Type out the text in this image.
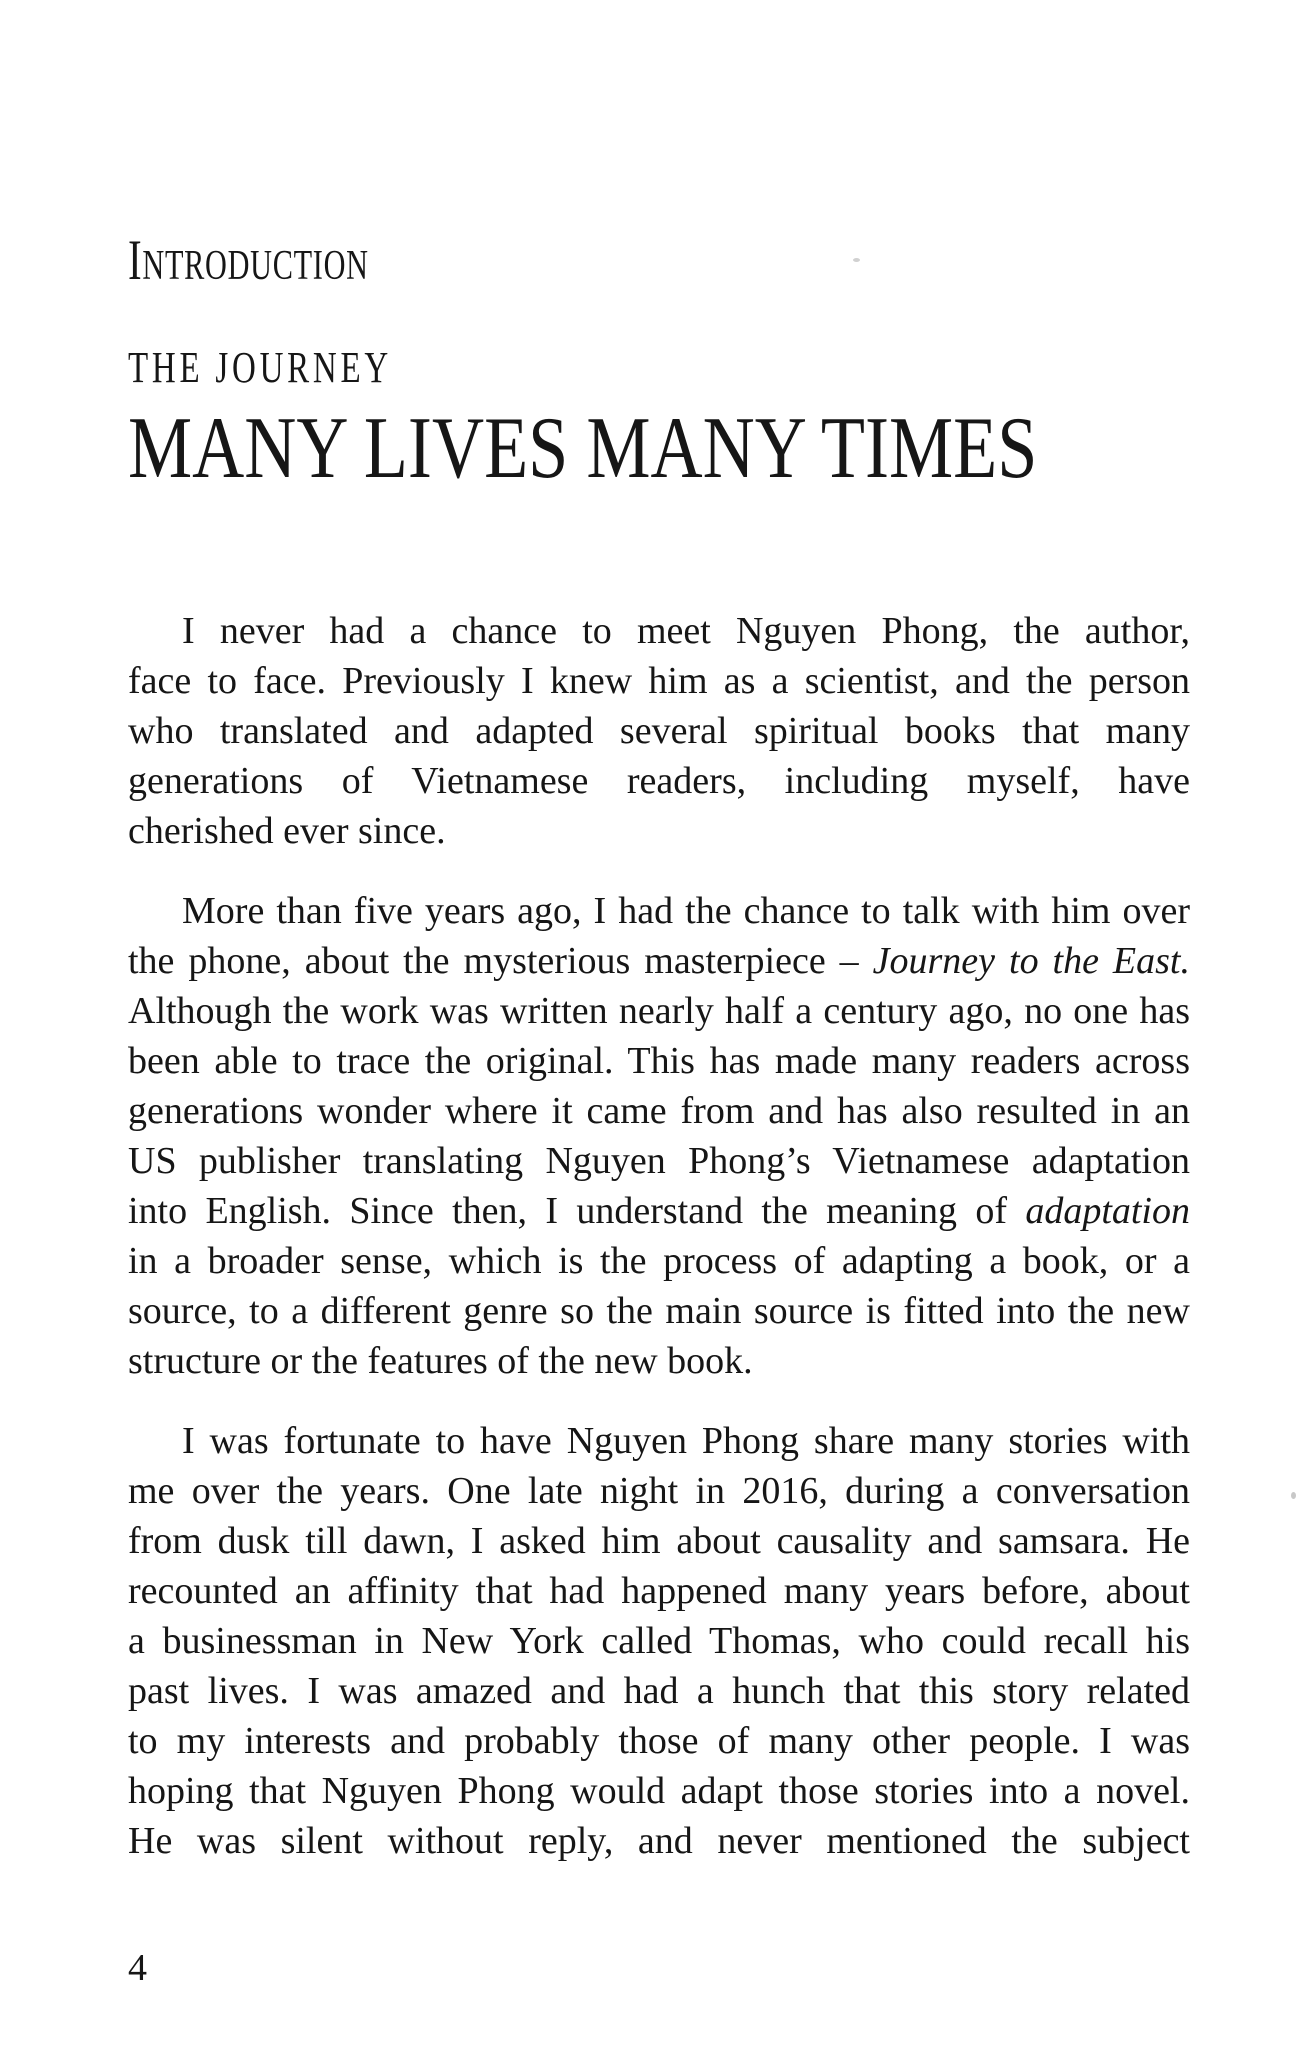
INTRODUCTION
THE JOURNEY
MANY LIVES MANY TIMES
I never had a chance to meet Nguyen Phong, the author,
face to face. Previously I knew him as a scientist, and the person
who translated and adapted several spiritual books that many
generations of Vietnamese readers, including myself, have
cherished ever since.
More than five years ago, I had the chance to talk with him over
the phone, about the mysterious masterpiece – Journey to the East.
Although the work was written nearly half a century ago, no one has
been able to trace the original. This has made many readers across
generations wonder where it came from and has also resulted in an
US publisher translating Nguyen Phong’s Vietnamese adaptation
into English. Since then, I understand the meaning of adaptation
in a broader sense, which is the process of adapting a book, or a
source, to a different genre so the main source is fitted into the new
structure or the features of the new book.
I was fortunate to have Nguyen Phong share many stories with
me over the years. One late night in 2016, during a conversation
from dusk till dawn, I asked him about causality and samsara. He
recounted an affinity that had happened many years before, about
a businessman in New York called Thomas, who could recall his
past lives. I was amazed and had a hunch that this story related
to my interests and probably those of many other people. I was
hoping that Nguyen Phong would adapt those stories into a novel.
He was silent without reply, and never mentioned the subject
4
